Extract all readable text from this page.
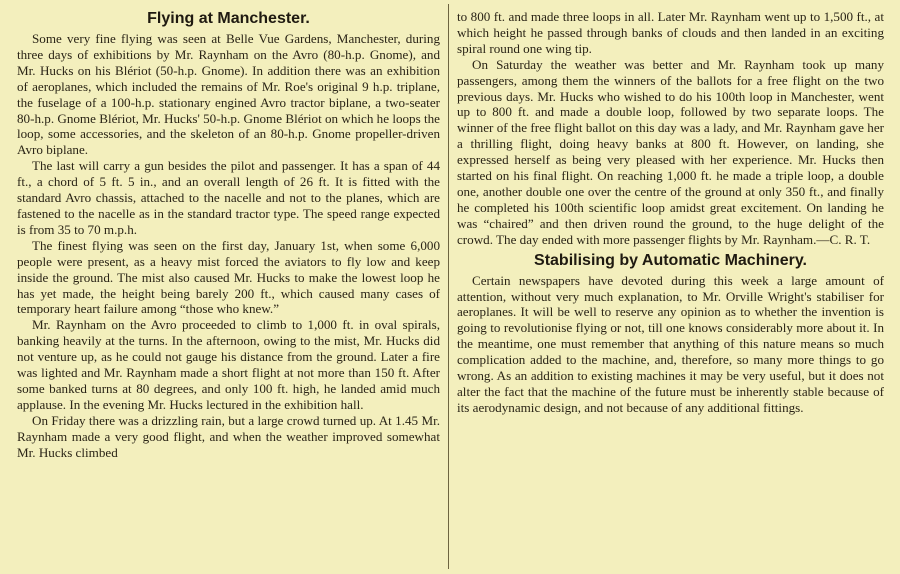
Flying at Manchester.

Some very fine flying was seen at Belle Vue Gardens, Manchester, during three days of exhibitions by Mr. Raynham on the Avro (80-h.p. Gnome), and Mr. Hucks on his Blériot (50-h.p. Gnome). In addition there was an exhibition of aeroplanes, which included the remains of Mr. Roe's original 9 h.p. triplane, the fuselage of a 100-h.p. stationary engined Avro tractor biplane, a two-seater 80-h.p. Gnome Blériot, Mr. Hucks' 50-h.p. Gnome Blériot on which he loops the loop, some accessories, and the skeleton of an 80-h.p. Gnome propeller-driven Avro biplane.

The last will carry a gun besides the pilot and passenger. It has a span of 44 ft., a chord of 5 ft. 5 in., and an overall length of 26 ft. It is fitted with the standard Avro chassis, attached to the nacelle and not to the planes, which are fastened to the nacelle as in the standard tractor type. The speed range expected is from 35 to 70 m.p.h.

The finest flying was seen on the first day, January 1st, when some 6,000 people were present, as a heavy mist forced the aviators to fly low and keep inside the ground. The mist also caused Mr. Hucks to make the lowest loop he has yet made, the height being barely 200 ft., which caused many cases of temporary heart failure among “those who knew.”

Mr. Raynham on the Avro proceeded to climb to 1,000 ft. in oval spirals, banking heavily at the turns. In the afternoon, owing to the mist, Mr. Hucks did not venture up, as he could not gauge his distance from the ground. Later a fire was lighted and Mr. Raynham made a short flight at not more than 150 ft. After some banked turns at 80 degrees, and only 100 ft. high, he landed amid much applause. In the evening Mr. Hucks lectured in the exhibition hall.

On Friday there was a drizzling rain, but a large crowd turned up. At 1.45 Mr. Raynham made a very good flight, and when the weather improved somewhat Mr. Hucks climbed

to 800 ft. and made three loops in all. Later Mr. Raynham went up to 1,500 ft., at which height he passed through banks of clouds and then landed in an exciting spiral round one wing tip.

On Saturday the weather was better and Mr. Raynham took up many passengers, among them the winners of the ballots for a free flight on the two previous days. Mr. Hucks who wished to do his 100th loop in Manchester, went up to 800 ft. and made a double loop, followed by two separate loops. The winner of the free flight ballot on this day was a lady, and Mr. Raynham gave her a thrilling flight, doing heavy banks at 800 ft. However, on landing, she expressed herself as being very pleased with her experience. Mr. Hucks then started on his final flight. On reaching 1,000 ft. he made a triple loop, a double one, another double one over the centre of the ground at only 350 ft., and finally he completed his 100th scientific loop amidst great excitement. On landing he was “chaired” and then driven round the ground, to the huge delight of the crowd. The day ended with more passenger flights by Mr. Raynham.—C. R. T.

Stabilising by Automatic Machinery.

Certain newspapers have devoted during this week a large amount of attention, without very much explanation, to Mr. Orville Wright's stabiliser for aeroplanes. It will be well to reserve any opinion as to whether the invention is going to revolutionise flying or not, till one knows considerably more about it. In the meantime, one must remember that anything of this nature means so much complication added to the machine, and, therefore, so many more things to go wrong. As an addition to existing machines it may be very useful, but it does not alter the fact that the machine of the future must be inherently stable because of its aerodynamic design, and not because of any additional fittings.
